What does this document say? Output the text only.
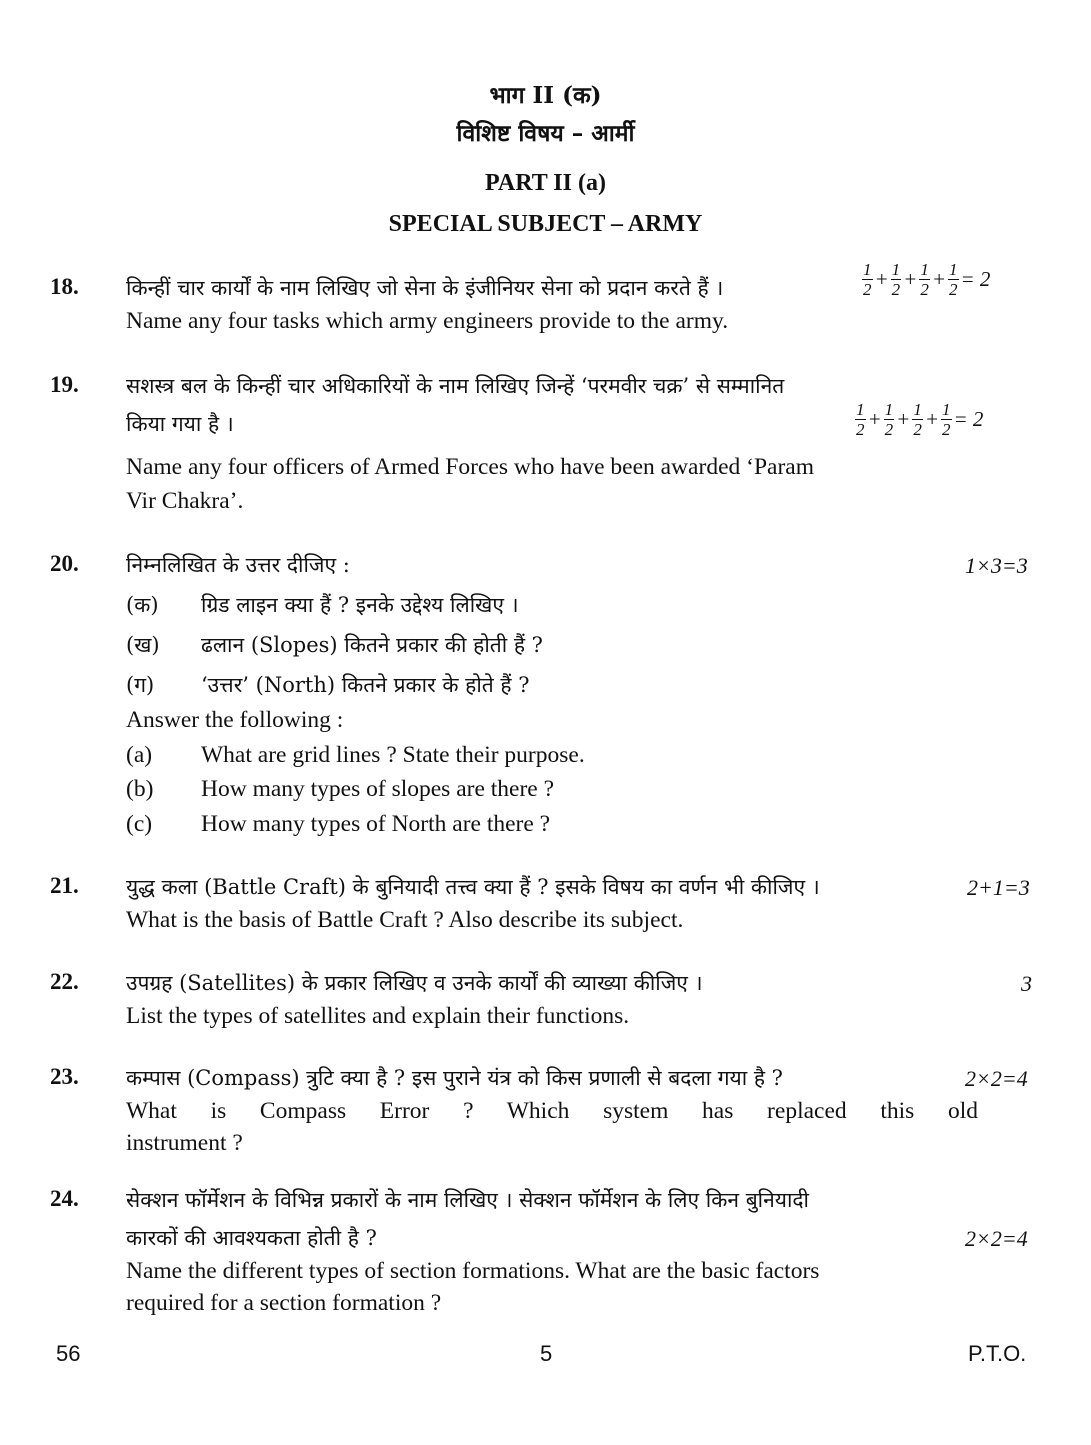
भाग II (क)
विशिष्ट विषय – आर्मी
PART II (a)
SPECIAL SUBJECT – ARMY
18. किन्हीं चार कार्यों के नाम लिखिए जो सेना के इंजीनियर सेना को प्रदान करते हैं ।	$\frac{1}{2} + \frac{1}{2} + \frac{1}{2} + \frac{1}{2} = 2$
Name any four tasks which army engineers provide to the army.
19. सशस्त्र बल के किन्हीं चार अधिकारियों के नाम लिखिए जिन्हें ‘परमवीर चक्र’ से सम्मानित
किया गया है ।	$\frac{1}{2} + \frac{1}{2} + \frac{1}{2} + \frac{1}{2} = 2$
Name any four officers of Armed Forces who have been awarded ‘Param
Vir Chakra’.
20. निम्नलिखित के उत्तर दीजिए :	1×3=3
(क) ग्रिड लाइन क्या हैं ? इनके उद्देश्य लिखिए ।
(ख) ढलान (Slopes) कितने प्रकार की होती हैं ?
(ग) ‘उत्तर’ (North) कितने प्रकार के होते हैं ?
Answer the following :
(a) What are grid lines ? State their purpose.
(b) How many types of slopes are there ?
(c) How many types of North are there ?
21. युद्ध कला (Battle Craft) के बुनियादी तत्त्व क्या हैं ? इसके विषय का वर्णन भी कीजिए ।	2+1=3
What is the basis of Battle Craft ? Also describe its subject.
22. उपग्रह (Satellites) के प्रकार लिखिए व उनके कार्यों की व्याख्या कीजिए ।	3
List the types of satellites and explain their functions.
23. कम्पास (Compass) त्रुटि क्या है ? इस पुराने यंत्र को किस प्रणाली से बदला गया है ?	2×2=4
What is Compass Error ? Which system has replaced this old
instrument ?
24. सेक्शन फॉर्मेशन के विभिन्न प्रकारों के नाम लिखिए । सेक्शन फॉर्मेशन के लिए किन बुनियादी
कारकों की आवश्यकता होती है ?	2×2=4
Name the different types of section formations. What are the basic factors
required for a section formation ?
56	5	P.T.O.
